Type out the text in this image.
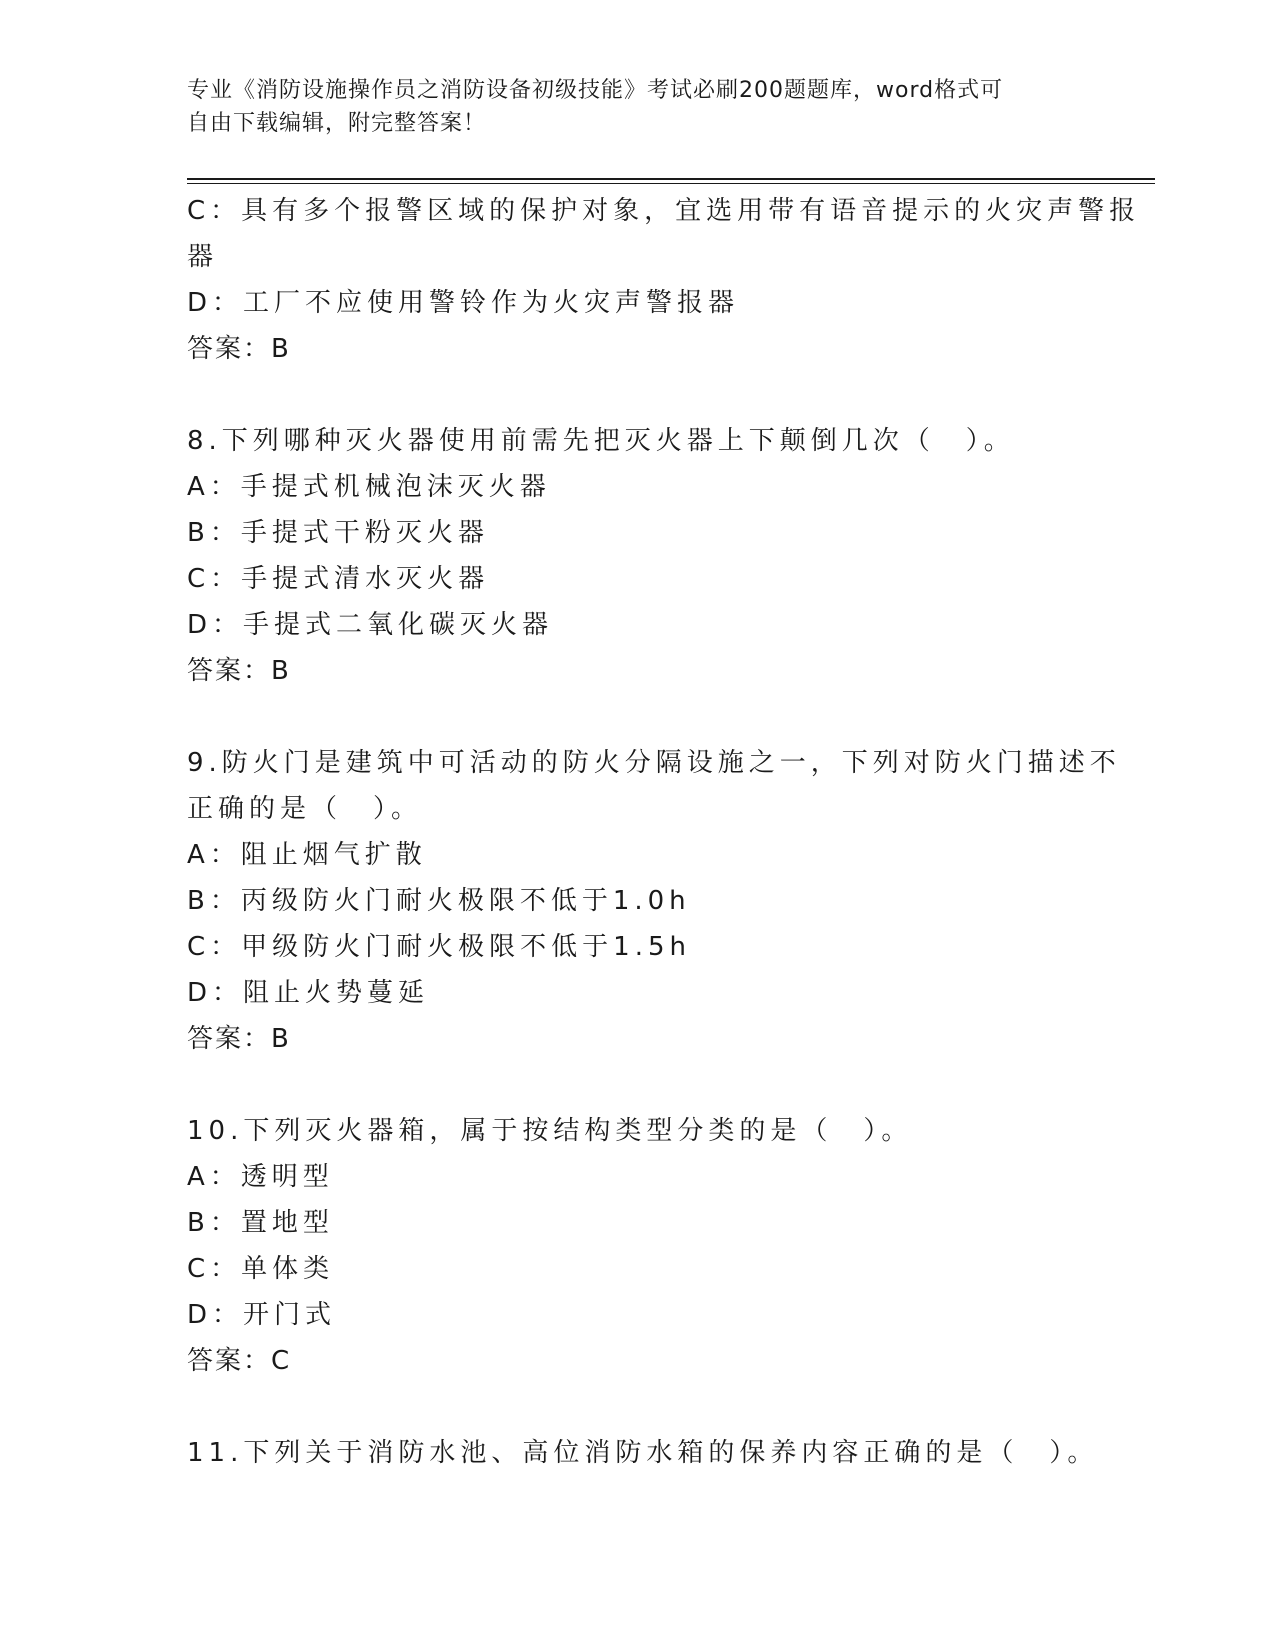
专业《消防设施操作员之消防设备初级技能》考试必刷200题题库，word格式可
自由下载编辑，附完整答案！
C：具有多个报警区域的保护对象，宜选用带有语音提示的火灾声警报
器
D：工厂不应使用警铃作为火灾声警报器
答案：B
8.下列哪种灭火器使用前需先把灭火器上下颠倒几次（　）。
A：手提式机械泡沫灭火器
B：手提式干粉灭火器
C：手提式清水灭火器
D：手提式二氧化碳灭火器
答案：B
9.防火门是建筑中可活动的防火分隔设施之一，下列对防火门描述不
正确的是（　）。
A：阻止烟气扩散
B：丙级防火门耐火极限不低于1.0h
C：甲级防火门耐火极限不低于1.5h
D：阻止火势蔓延
答案：B
10.下列灭火器箱，属于按结构类型分类的是（　）。
A：透明型
B：置地型
C：单体类
D：开门式
答案：C
11.下列关于消防水池、高位消防水箱的保养内容正确的是（　）。
